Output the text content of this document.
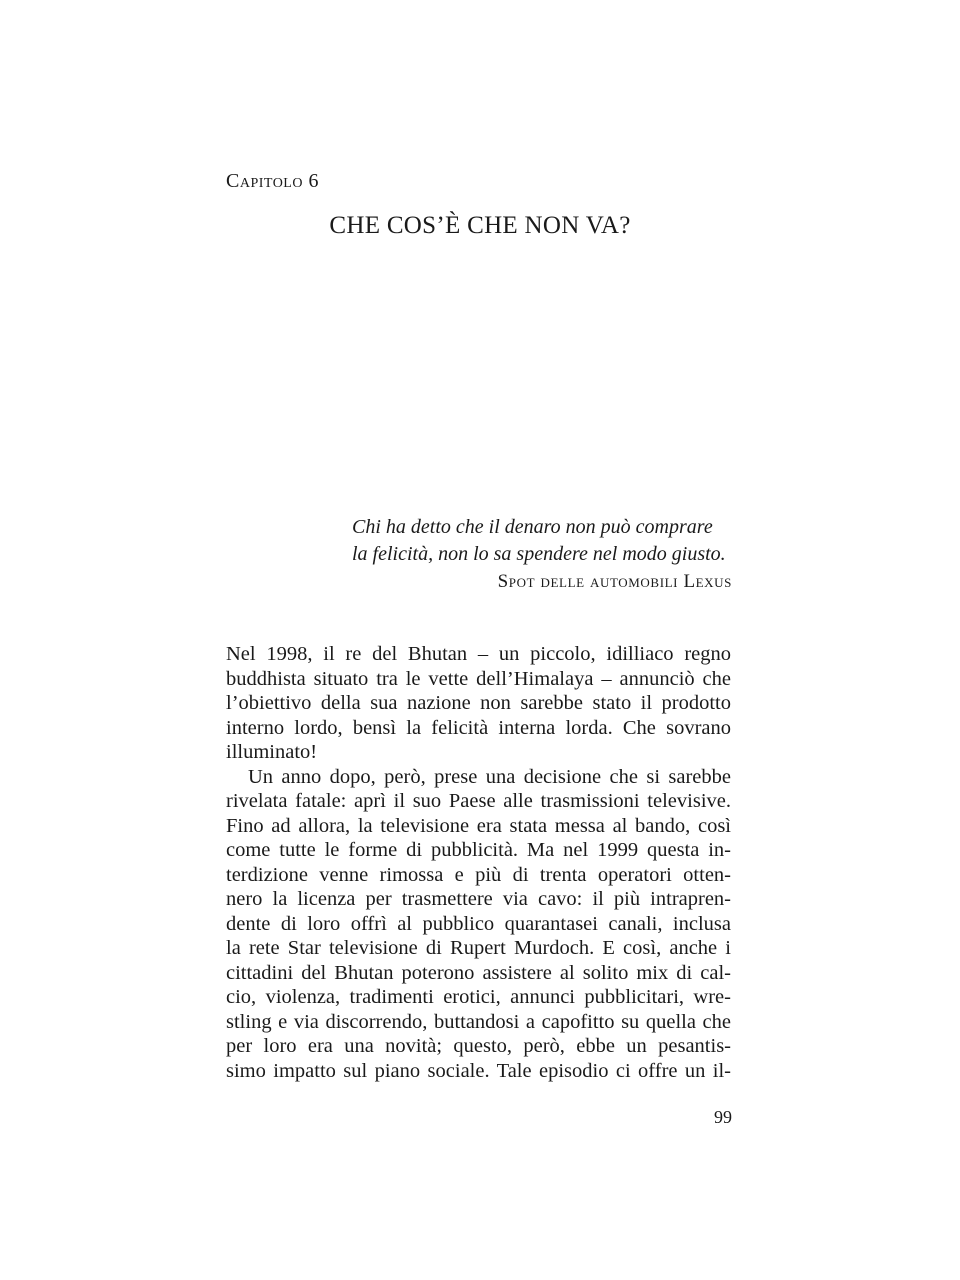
Capitolo 6
CHE COS’È CHE NON VA?
Chi ha detto che il denaro non può comprare
la felicità, non lo sa spendere nel modo giusto.
Spot delle automobili Lexus

Nel 1998, il re del Bhutan – un piccolo, idilliaco regno
buddhista situato tra le vette dell’Himalaya – annunciò che
l’obiettivo della sua nazione non sarebbe stato il prodotto
interno lordo, bensì la felicità interna lorda. Che sovrano
illuminato!

Un anno dopo, però, prese una decisione che si sarebbe
rivelata fatale: aprì il suo Paese alle trasmissioni televisive.
Fino ad allora, la televisione era stata messa al bando, così
come tutte le forme di pubblicità. Ma nel 1999 questa in-
terdizione venne rimossa e più di trenta operatori otten-
nero la licenza per trasmettere via cavo: il più intrapren-
dente di loro offrì al pubblico quarantasei canali, inclusa
la rete Star televisione di Rupert Murdoch. E così, anche i
cittadini del Bhutan poterono assistere al solito mix di cal-
cio, violenza, tradimenti erotici, annunci pubblicitari, wre-
stling e via discorrendo, buttandosi a capofitto su quella che
per loro era una novità; questo, però, ebbe un pesantis-
simo impatto sul piano sociale. Tale episodio ci offre un il-

99
